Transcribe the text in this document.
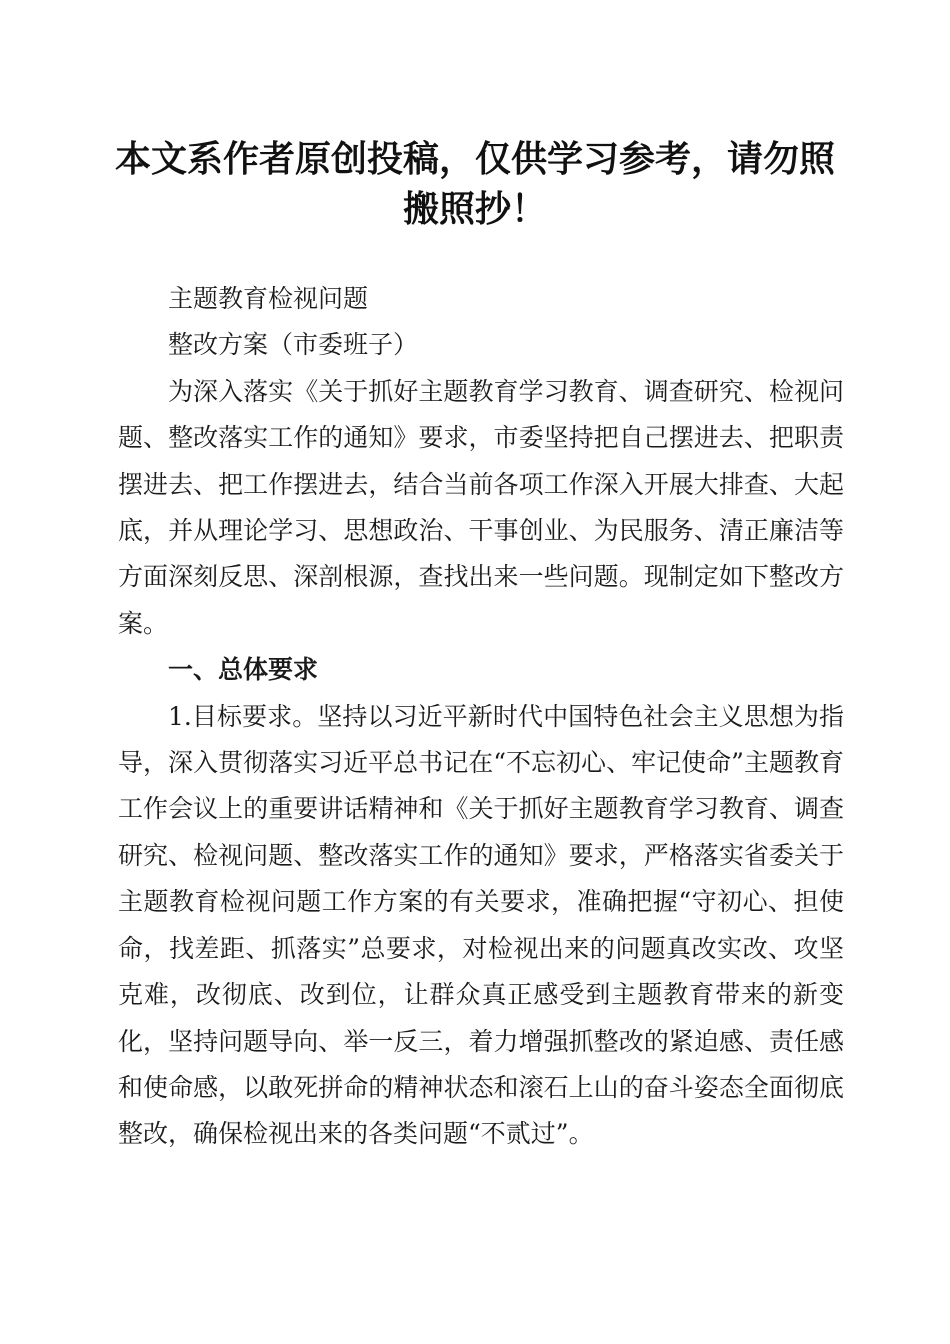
本文系作者原创投稿，仅供学习参考，请勿照搬照抄！

主题教育检视问题

整改方案（市委班子）

为深入落实《关于抓好主题教育学习教育、调查研究、检视问题、整改落实工作的通知》要求，市委坚持把自己摆进去、把职责摆进去、把工作摆进去，结合当前各项工作深入开展大排查、大起底，并从理论学习、思想政治、干事创业、为民服务、清正廉洁等方面深刻反思、深剖根源，查找出来一些问题。现制定如下整改方案。

一、总体要求

1.目标要求。坚持以习近平新时代中国特色社会主义思想为指导，深入贯彻落实习近平总书记在“不忘初心、牢记使命”主题教育工作会议上的重要讲话精神和《关于抓好主题教育学习教育、调查研究、检视问题、整改落实工作的通知》要求，严格落实省委关于主题教育检视问题工作方案的有关要求，准确把握“守初心、担使命，找差距、抓落实”总要求，对检视出来的问题真改实改、攻坚克难，改彻底、改到位，让群众真正感受到主题教育带来的新变化，坚持问题导向、举一反三，着力增强抓整改的紧迫感、责任感和使命感，以敢死拼命的精神状态和滚石上山的奋斗姿态全面彻底整改，确保检视出来的各类问题“不贰过”。
